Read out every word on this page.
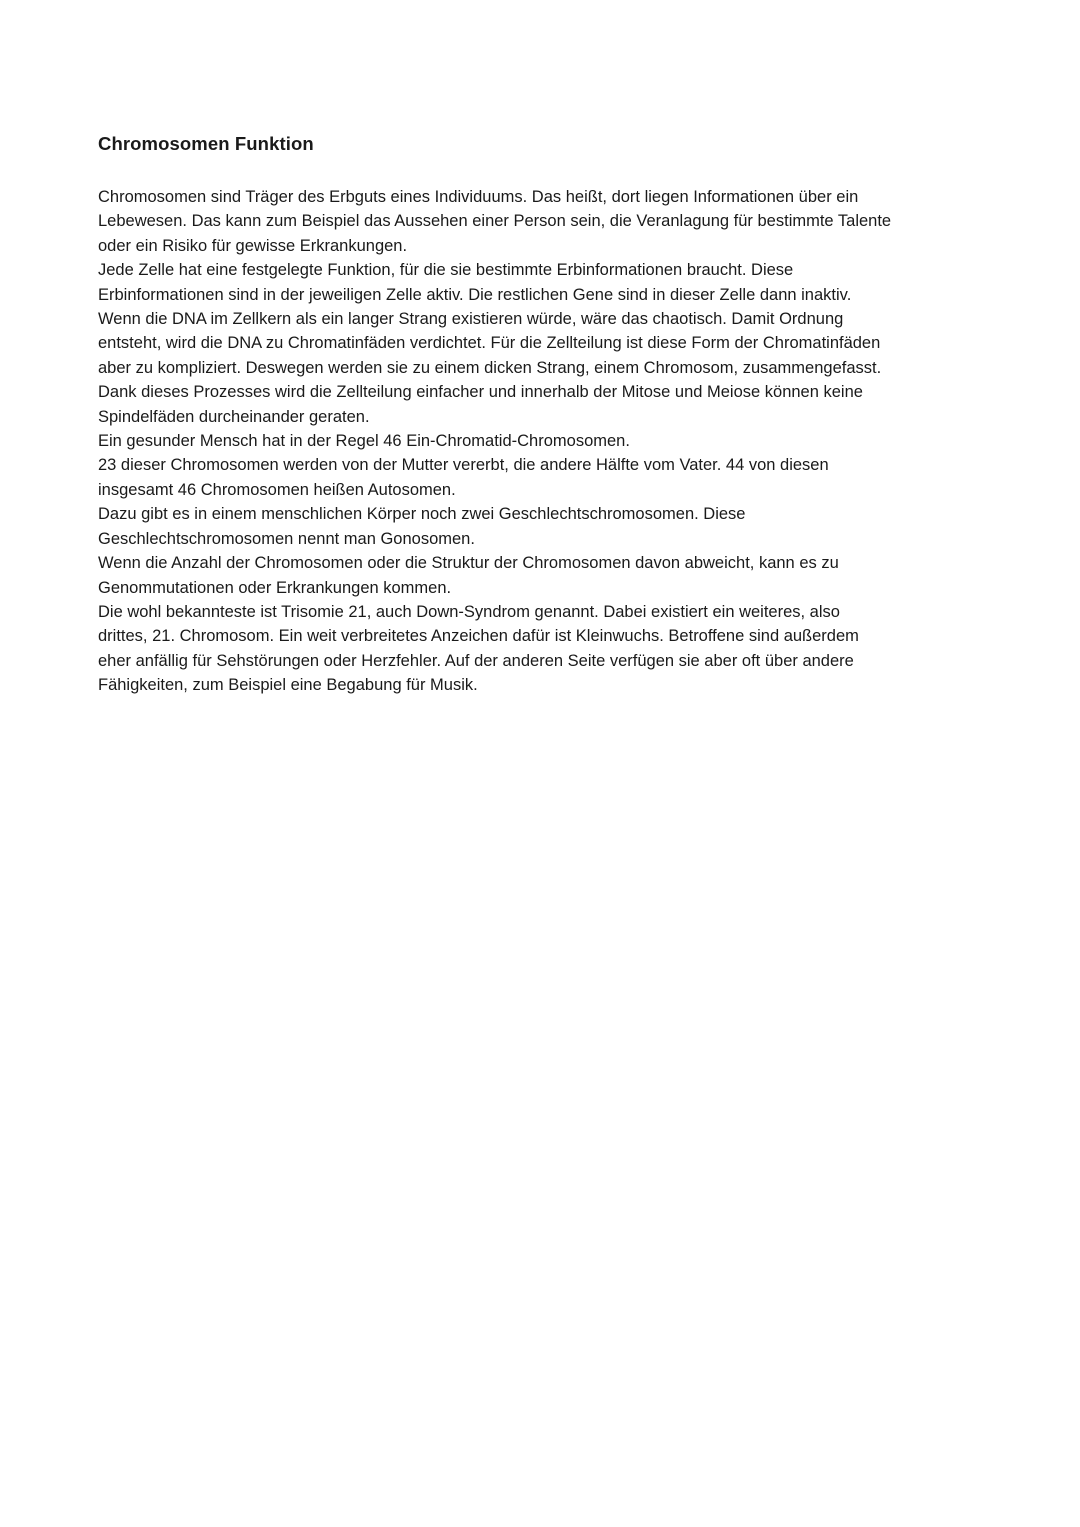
Chromosomen Funktion

Chromosomen sind Träger des Erbguts eines Individuums. Das heißt, dort liegen Informationen über ein
Lebewesen. Das kann zum Beispiel das Aussehen einer Person sein, die Veranlagung für bestimmte Talente
oder ein Risiko für gewisse Erkrankungen.
Jede Zelle hat eine festgelegte Funktion, für die sie bestimmte Erbinformationen braucht. Diese
Erbinformationen sind in der jeweiligen Zelle aktiv. Die restlichen Gene sind in dieser Zelle dann inaktiv.
Wenn die DNA im Zellkern als ein langer Strang existieren würde, wäre das chaotisch. Damit Ordnung
entsteht, wird die DNA zu Chromatinfäden verdichtet. Für die Zellteilung ist diese Form der Chromatinfäden
aber zu kompliziert. Deswegen werden sie zu einem dicken Strang, einem Chromosom, zusammengefasst.
Dank dieses Prozesses wird die Zellteilung einfacher und innerhalb der Mitose und Meiose können keine
Spindelfäden durcheinander geraten.
Ein gesunder Mensch hat in der Regel 46 Ein-Chromatid-Chromosomen.
23 dieser Chromosomen werden von der Mutter vererbt, die andere Hälfte vom Vater. 44 von diesen
insgesamt 46 Chromosomen heißen Autosomen.
Dazu gibt es in einem menschlichen Körper noch zwei Geschlechtschromosomen. Diese
Geschlechtschromosomen nennt man Gonosomen.
Wenn die Anzahl der Chromosomen oder die Struktur der Chromosomen davon abweicht, kann es zu
Genommutationen oder Erkrankungen kommen.
Die wohl bekannteste ist Trisomie 21, auch Down-Syndrom genannt. Dabei existiert ein weiteres, also
drittes, 21. Chromosom. Ein weit verbreitetes Anzeichen dafür ist Kleinwuchs. Betroffene sind außerdem
eher anfällig für Sehstörungen oder Herzfehler. Auf der anderen Seite verfügen sie aber oft über andere
Fähigkeiten, zum Beispiel eine Begabung für Musik.
